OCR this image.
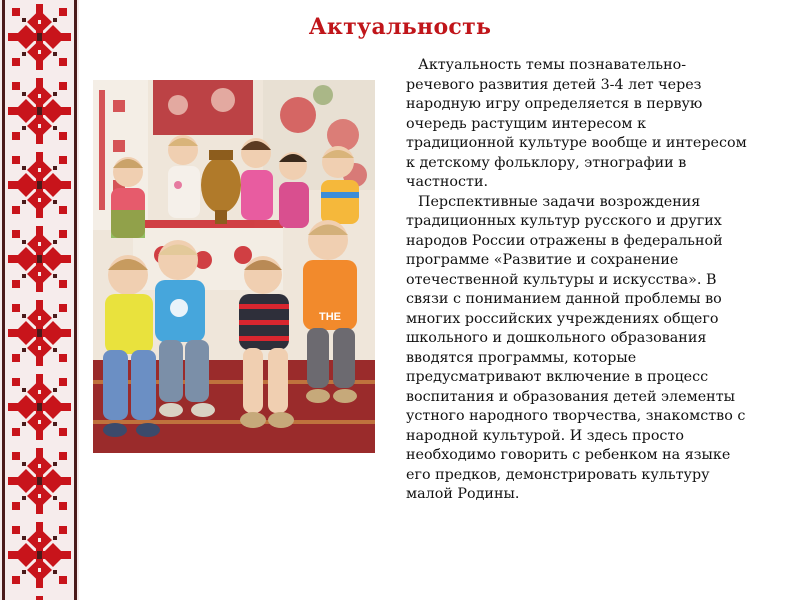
Актуальность
THE

Актуальность темы познавательно-речевого развития детей 3-4 лет через народную игру определяется в первую очередь растущим интересом к традиционной культуре вообще и интересом к детскому фольклору, этнографии в частности.

Перспективные задачи возрождения традиционных культур русского и других народов России отражены в федеральной программе «Развитие и сохранение отечественной культуры и искусства». В связи с пониманием данной проблемы во многих российских учреждениях общего школьного и дошкольного образования вводятся программы, которые предусматривают включение в процесс воспитания и образования детей элементы устного народного творчества, знакомство с народной культурой. И здесь просто необходимо говорить с ребенком на языке его предков, демонстрировать культуру малой Родины.
